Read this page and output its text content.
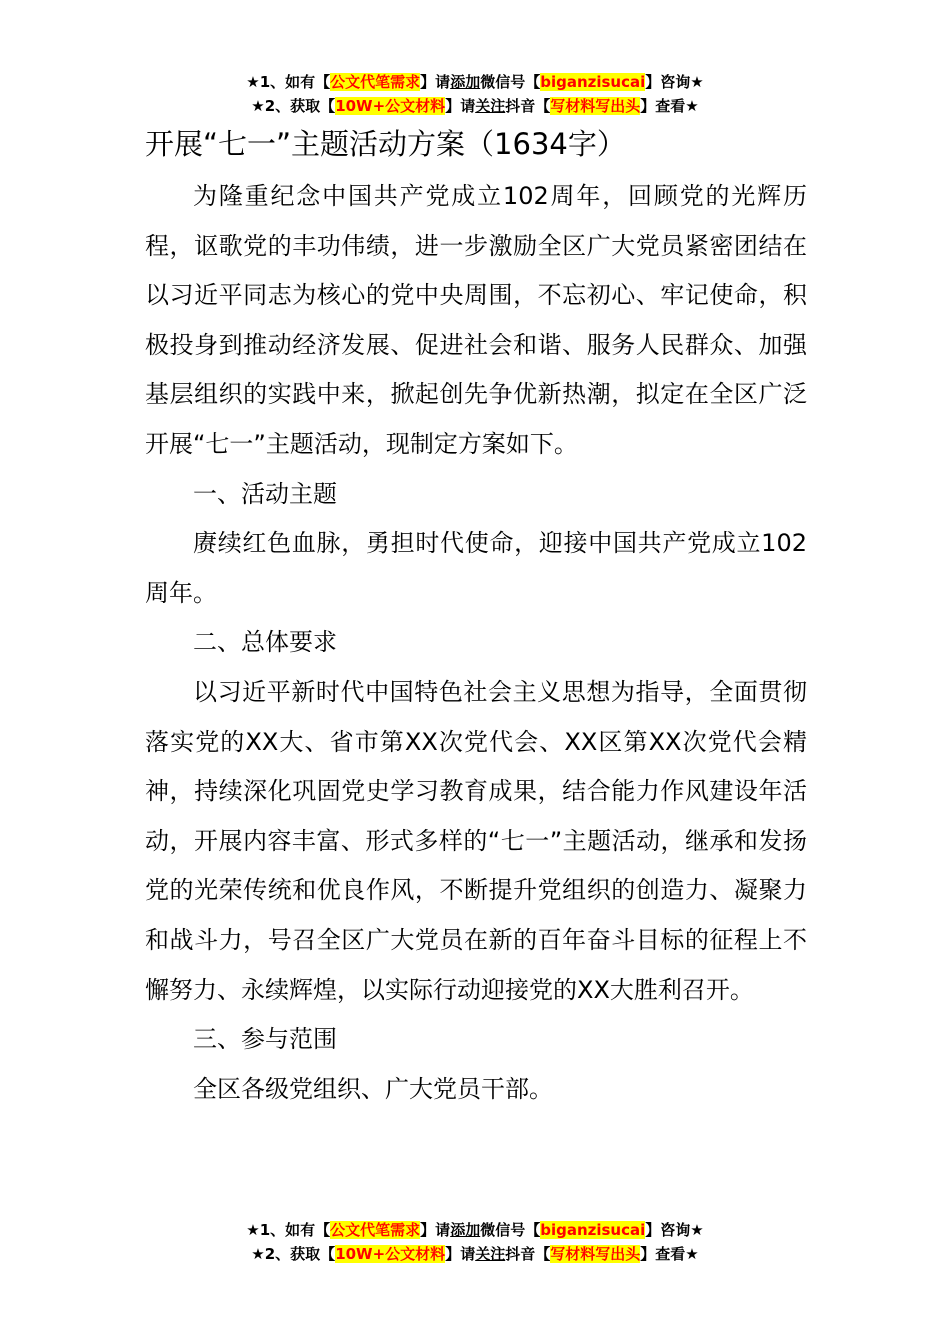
★1、如有【公文代笔需求】请添加微信号【biganzisucai】咨询★
★2、获取【10W+公文材料】请关注抖音【写材料写出头】查看★
开展“七一”主题活动方案（1634字）

为隆重纪念中国共产党成立102周年，回顾党的光辉历程，讴歌党的丰功伟绩，进一步激励全区广大党员紧密团结在以习近平同志为核心的党中央周围，不忘初心、牢记使命，积极投身到推动经济发展、促进社会和谐、服务人民群众、加强基层组织的实践中来，掀起创先争优新热潮，拟定在全区广泛开展“七一”主题活动，现制定方案如下。

一、活动主题

赓续红色血脉，勇担时代使命，迎接中国共产党成立102周年。

二、总体要求

以习近平新时代中国特色社会主义思想为指导，全面贯彻落实党的XX大、省市第XX次党代会、XX区第XX次党代会精神，持续深化巩固党史学习教育成果，结合能力作风建设年活动，开展内容丰富、形式多样的“七一”主题活动，继承和发扬党的光荣传统和优良作风，不断提升党组织的创造力、凝聚力和战斗力，号召全区广大党员在新的百年奋斗目标的征程上不懈努力、永续辉煌，以实际行动迎接党的XX大胜利召开。

三、参与范围

全区各级党组织、广大党员干部。

★1、如有【公文代笔需求】请添加微信号【biganzisucai】咨询★
★2、获取【10W+公文材料】请关注抖音【写材料写出头】查看★
